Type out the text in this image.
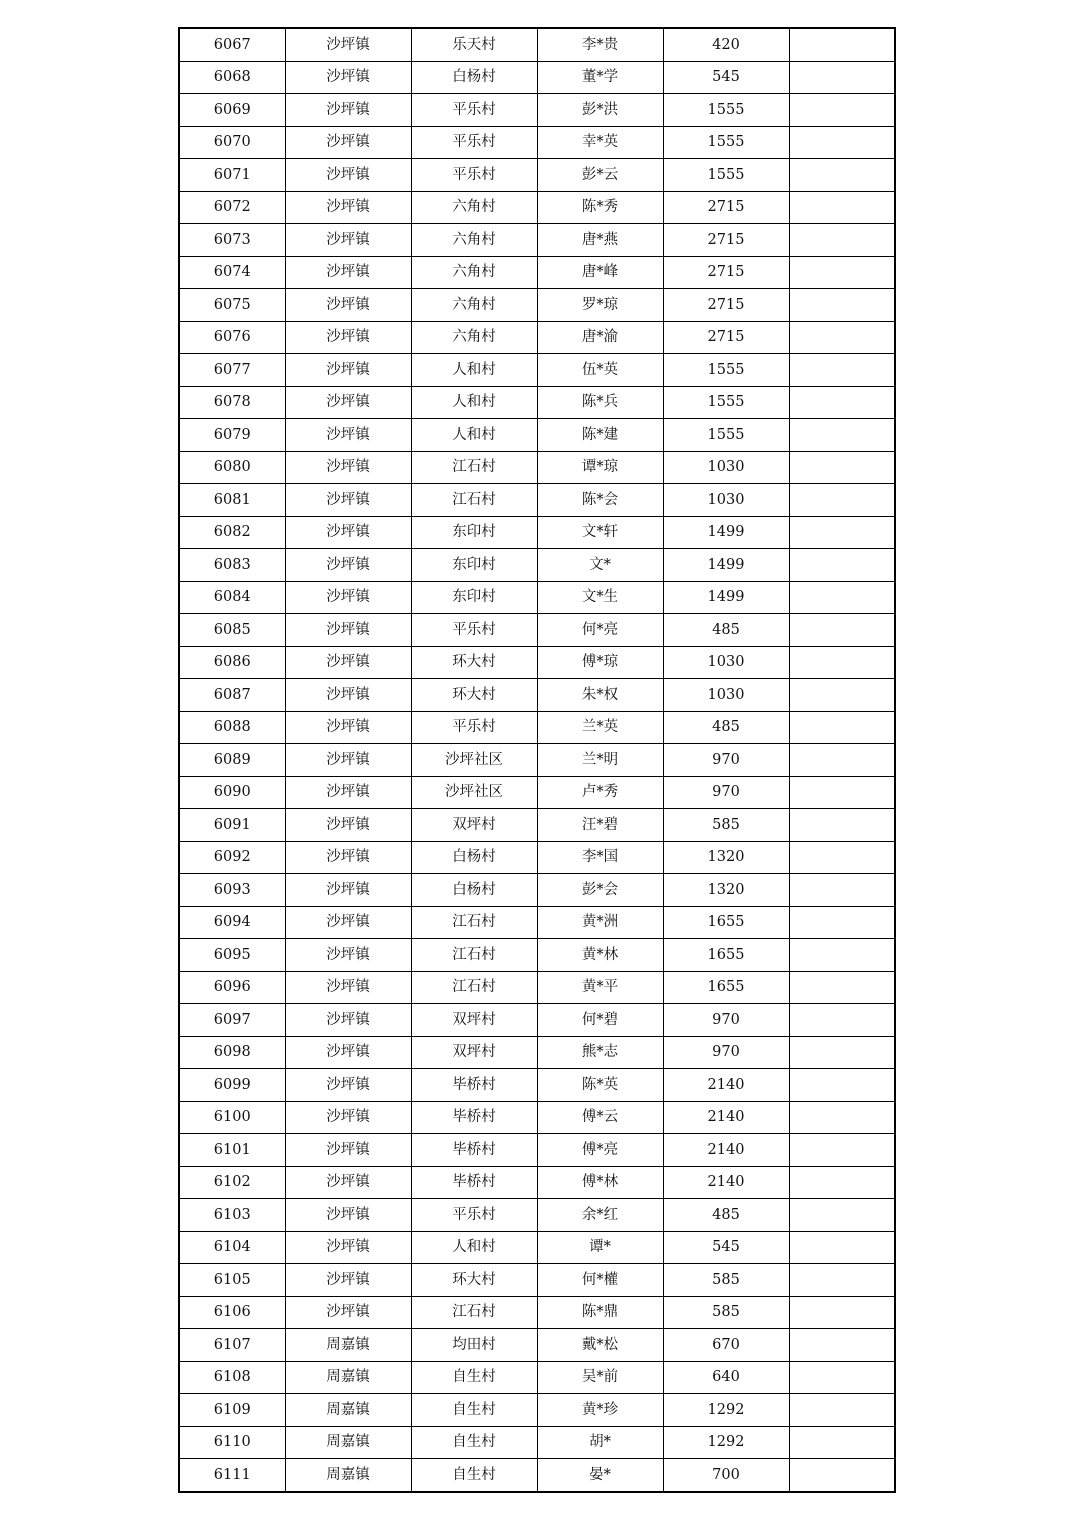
6067	沙坪镇	乐天村	李*贵	420	
6068	沙坪镇	白杨村	董*学	545	
6069	沙坪镇	平乐村	彭*洪	1555	
6070	沙坪镇	平乐村	幸*英	1555	
6071	沙坪镇	平乐村	彭*云	1555	
6072	沙坪镇	六角村	陈*秀	2715	
6073	沙坪镇	六角村	唐*燕	2715	
6074	沙坪镇	六角村	唐*峰	2715	
6075	沙坪镇	六角村	罗*琼	2715	
6076	沙坪镇	六角村	唐*渝	2715	
6077	沙坪镇	人和村	伍*英	1555	
6078	沙坪镇	人和村	陈*兵	1555	
6079	沙坪镇	人和村	陈*建	1555	
6080	沙坪镇	江石村	谭*琼	1030	
6081	沙坪镇	江石村	陈*会	1030	
6082	沙坪镇	东印村	文*轩	1499	
6083	沙坪镇	东印村	文*	1499	
6084	沙坪镇	东印村	文*生	1499	
6085	沙坪镇	平乐村	何*亮	485	
6086	沙坪镇	环大村	傅*琼	1030	
6087	沙坪镇	环大村	朱*权	1030	
6088	沙坪镇	平乐村	兰*英	485	
6089	沙坪镇	沙坪社区	兰*明	970	
6090	沙坪镇	沙坪社区	卢*秀	970	
6091	沙坪镇	双坪村	汪*碧	585	
6092	沙坪镇	白杨村	李*国	1320	
6093	沙坪镇	白杨村	彭*会	1320	
6094	沙坪镇	江石村	黄*洲	1655	
6095	沙坪镇	江石村	黄*林	1655	
6096	沙坪镇	江石村	黄*平	1655	
6097	沙坪镇	双坪村	何*碧	970	
6098	沙坪镇	双坪村	熊*志	970	
6099	沙坪镇	毕桥村	陈*英	2140	
6100	沙坪镇	毕桥村	傅*云	2140	
6101	沙坪镇	毕桥村	傅*亮	2140	
6102	沙坪镇	毕桥村	傅*林	2140	
6103	沙坪镇	平乐村	余*红	485	
6104	沙坪镇	人和村	谭*	545	
6105	沙坪镇	环大村	何*權	585	
6106	沙坪镇	江石村	陈*鼎	585	
6107	周嘉镇	均田村	戴*松	670	
6108	周嘉镇	自生村	吴*前	640	
6109	周嘉镇	自生村	黄*珍	1292	
6110	周嘉镇	自生村	胡*	1292	
6111	周嘉镇	自生村	晏*	700	
